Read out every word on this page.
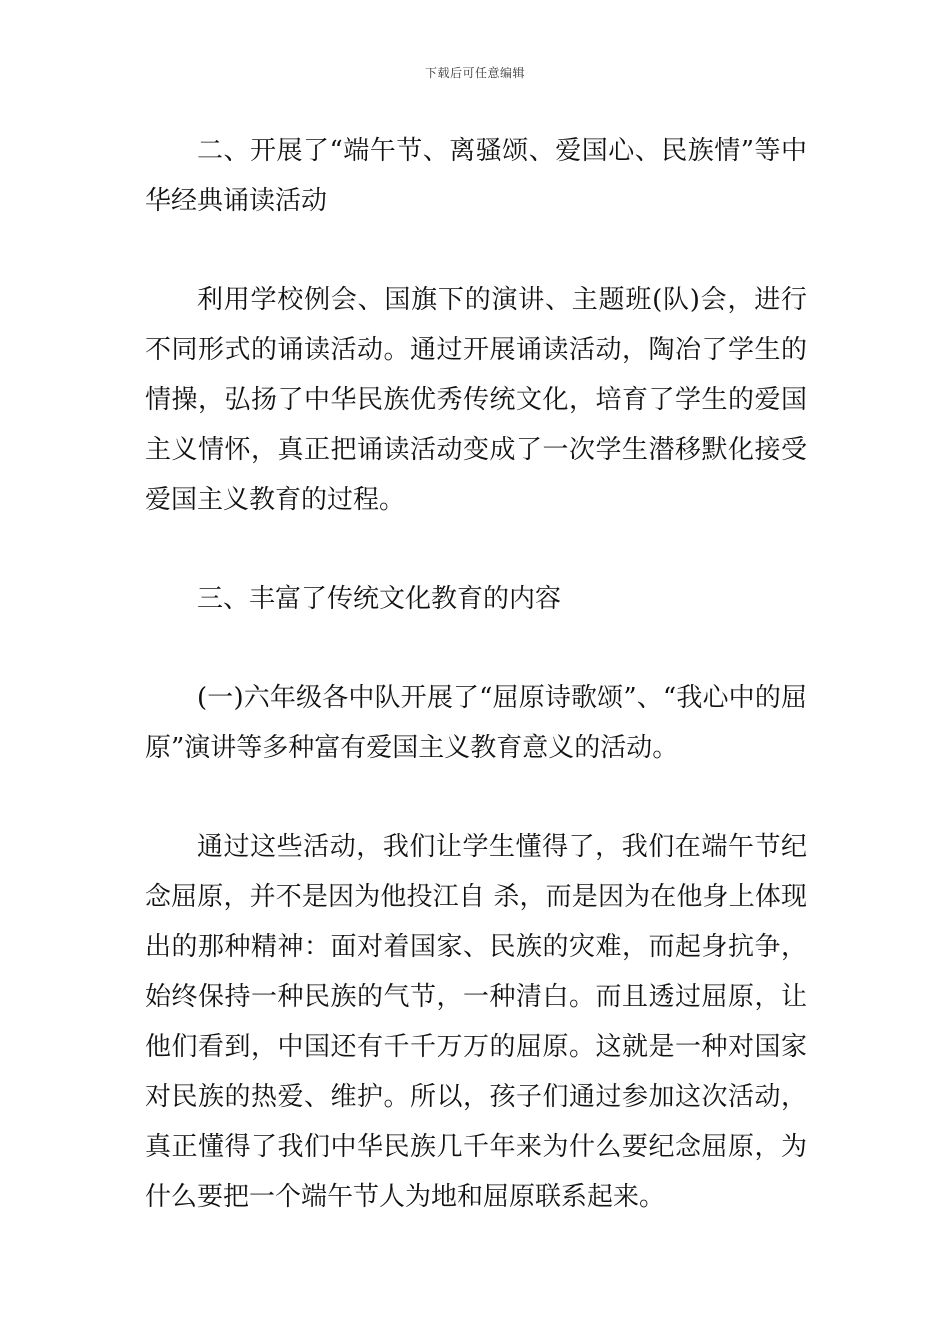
下载后可任意编辑

二、开展了“端午节、离骚颂、爱国心、民族情”等中华经典诵读活动

利用学校例会、国旗下的演讲、主题班(队)会，进行不同形式的诵读活动。通过开展诵读活动，陶冶了学生的情操，弘扬了中华民族优秀传统文化，培育了学生的爱国主义情怀，真正把诵读活动变成了一次学生潜移默化接受爱国主义教育的过程。

三、丰富了传统文化教育的内容

(一)六年级各中队开展了“屈原诗歌颂”、“我心中的屈原”演讲等多种富有爱国主义教育意义的活动。

通过这些活动，我们让学生懂得了，我们在端午节纪念屈原，并不是因为他投江自 杀，而是因为在他身上体现出的那种精神：面对着国家、民族的灾难，而起身抗争，始终保持一种民族的气节，一种清白。而且透过屈原，让他们看到，中国还有千千万万的屈原。这就是一种对国家对民族的热爱、维护。所以，孩子们通过参加这次活动，真正懂得了我们中华民族几千年来为什么要纪念屈原，为什么要把一个端午节人为地和屈原联系起来。
